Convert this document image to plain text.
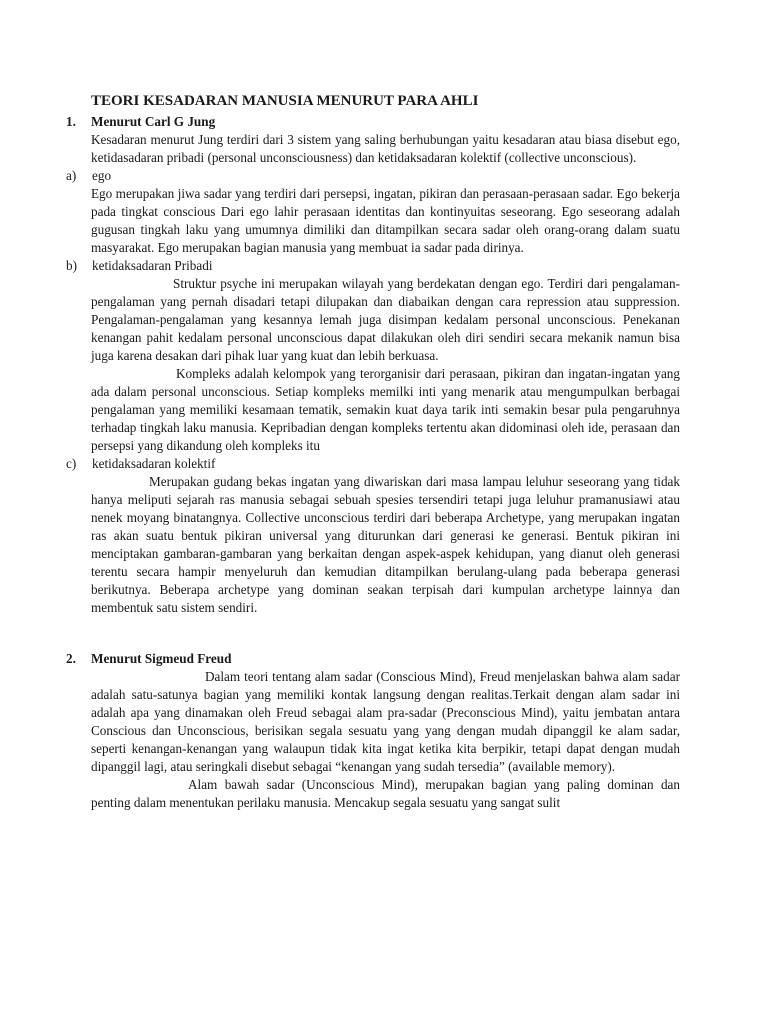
TEORI KESADARAN MANUSIA MENURUT PARA AHLI
1. Menurut Carl G Jung

Kesadaran menurut Jung terdiri dari 3 sistem yang saling berhubungan yaitu kesadaran atau biasa disebut ego, ketidasadaran pribadi (personal unconsciousness) dan ketidaksadaran kolektif (collective unconscious).

a) ego

Ego merupakan jiwa sadar yang terdiri dari persepsi, ingatan, pikiran dan perasaan-perasaan sadar. Ego bekerja pada tingkat conscious Dari ego lahir perasaan identitas dan kontinyuitas seseorang. Ego seseorang adalah gugusan tingkah laku yang umumnya dimiliki dan ditampilkan secara sadar oleh orang-orang dalam suatu masyarakat. Ego merupakan bagian manusia yang membuat ia sadar pada dirinya.

b) ketidaksadaran Pribadi

Struktur psyche ini merupakan wilayah yang berdekatan dengan ego. Terdiri dari pengalaman-pengalaman yang pernah disadari tetapi dilupakan dan diabaikan dengan cara repression atau suppression. Pengalaman-pengalaman yang kesannya lemah juga disimpan kedalam personal unconscious. Penekanan kenangan pahit kedalam personal unconscious dapat dilakukan oleh diri sendiri secara mekanik namun bisa juga karena desakan dari pihak luar yang kuat dan lebih berkuasa.

Kompleks adalah kelompok yang terorganisir dari perasaan, pikiran dan ingatan-ingatan yang ada dalam personal unconscious. Setiap kompleks memilki inti yang menarik atau mengumpulkan berbagai pengalaman yang memiliki kesamaan tematik, semakin kuat daya tarik inti semakin besar pula pengaruhnya terhadap tingkah laku manusia. Kepribadian dengan kompleks tertentu akan didominasi oleh ide, perasaan dan persepsi yang dikandung oleh kompleks itu

c) ketidaksadaran kolektif

Merupakan gudang bekas ingatan yang diwariskan dari masa lampau leluhur seseorang yang tidak hanya meliputi sejarah ras manusia sebagai sebuah spesies tersendiri tetapi juga leluhur pramanusiawi atau nenek moyang binatangnya. Collective unconscious terdiri dari beberapa Archetype, yang merupakan ingatan ras akan suatu bentuk pikiran universal yang diturunkan dari generasi ke generasi. Bentuk pikiran ini menciptakan gambaran-gambaran yang berkaitan dengan aspek-aspek kehidupan, yang dianut oleh generasi terentu secara hampir menyeluruh dan kemudian ditampilkan berulang-ulang pada beberapa generasi berikutnya. Beberapa archetype yang dominan seakan terpisah dari kumpulan archetype lainnya dan membentuk satu sistem sendiri.

2. Menurut Sigmeud Freud

Dalam teori tentang alam sadar (Conscious Mind), Freud menjelaskan bahwa alam sadar adalah satu-satunya bagian yang memiliki kontak langsung dengan realitas.Terkait dengan alam sadar ini adalah apa yang dinamakan oleh Freud sebagai alam pra-sadar (Preconscious Mind), yaitu jembatan antara Conscious dan Unconscious, berisikan segala sesuatu yang yang dengan mudah dipanggil ke alam sadar, seperti kenangan-kenangan yang walaupun tidak kita ingat ketika kita berpikir, tetapi dapat dengan mudah dipanggil lagi, atau seringkali disebut sebagai “kenangan yang sudah tersedia” (available memory).

Alam bawah sadar (Unconscious Mind), merupakan bagian yang paling dominan dan penting dalam menentukan perilaku manusia. Mencakup segala sesuatu yang sangat sulit
